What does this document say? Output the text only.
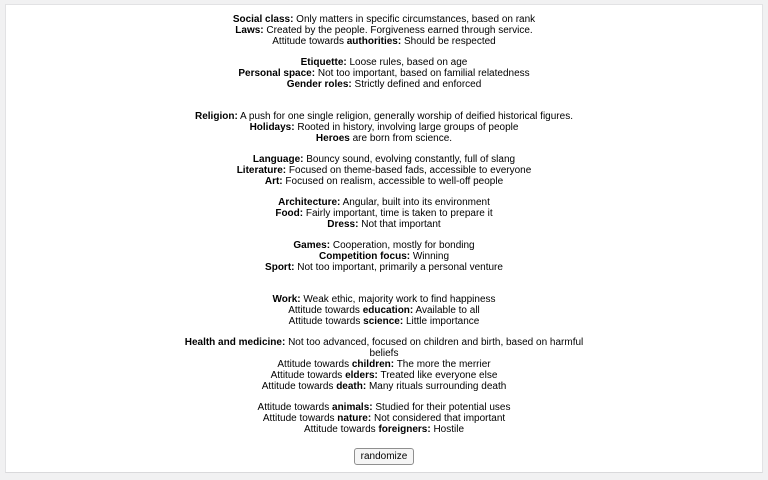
Social class: Only matters in specific circumstances, based on rank
Laws: Created by the people. Forgiveness earned through service.
Attitude towards authorities: Should be respected
Etiquette: Loose rules, based on age
Personal space: Not too important, based on familial relatedness
Gender roles: Strictly defined and enforced
Religion: A push for one single religion, generally worship of deified historical figures.
Holidays: Rooted in history, involving large groups of people
Heroes are born from science.
Language: Bouncy sound, evolving constantly, full of slang
Literature: Focused on theme-based fads, accessible to everyone
Art: Focused on realism, accessible to well-off people
Architecture: Angular, built into its environment
Food: Fairly important, time is taken to prepare it
Dress: Not that important
Games: Cooperation, mostly for bonding
Competition focus: Winning
Sport: Not too important, primarily a personal venture
Work: Weak ethic, majority work to find happiness
Attitude towards education: Available to all
Attitude towards science: Little importance
Health and medicine: Not too advanced, focused on children and birth, based on harmful
beliefs
Attitude towards children: The more the merrier
Attitude towards elders: Treated like everyone else
Attitude towards death: Many rituals surrounding death
Attitude towards animals: Studied for their potential uses
Attitude towards nature: Not considered that important
Attitude towards foreigners: Hostile
randomize
